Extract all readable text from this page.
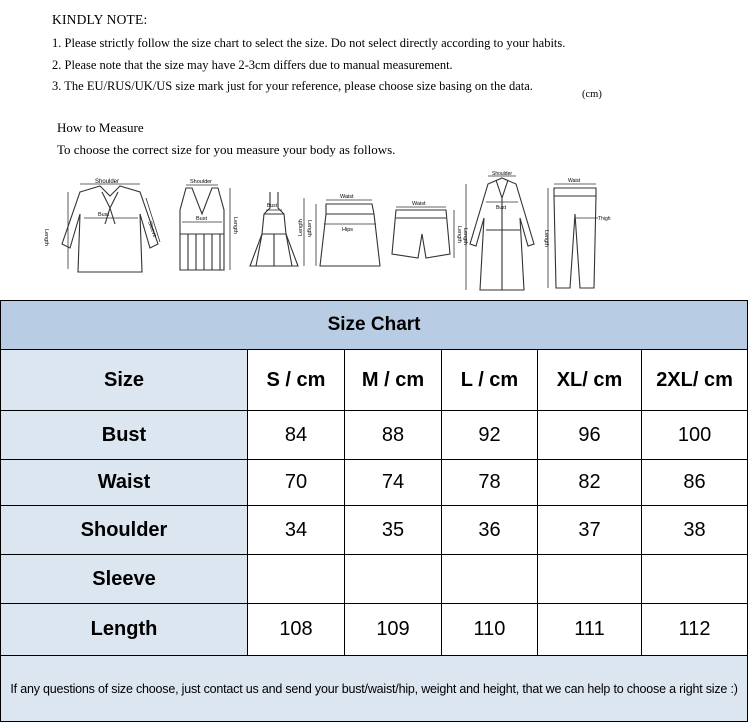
KINDLY NOTE:
1. Please strictly follow the size chart to select the size. Do not select directly according to your habits.
2. Please note that the size may have 2-3cm differs due to manual measurement.
3. The EU/RUS/UK/US size mark just for your reference, please choose size basing on the data.
(cm)
How to Measure
To choose the correct size for you measure your body as follows.
Shoulder
Bust
Length	Sleeve
Shoulder
Bust	Length
Bust
Length
Waist
Hips
Length
Waist
Length
Shoulder
Bust
Length
Waist
Thigh
Length
Size Chart					
Size	S / cm	M / cm	L / cm	XL/ cm	2XL/ cm
Bust	84	88	92	96	100
Waist	70	74	78	82	86
Shoulder	34	35	36	37	38
Sleeve					
Length	108	109	110	111	112
If any questions of size choose, just contact us and send your bust/waist/hip, weight and height, that we can help to choose a right size :)					
